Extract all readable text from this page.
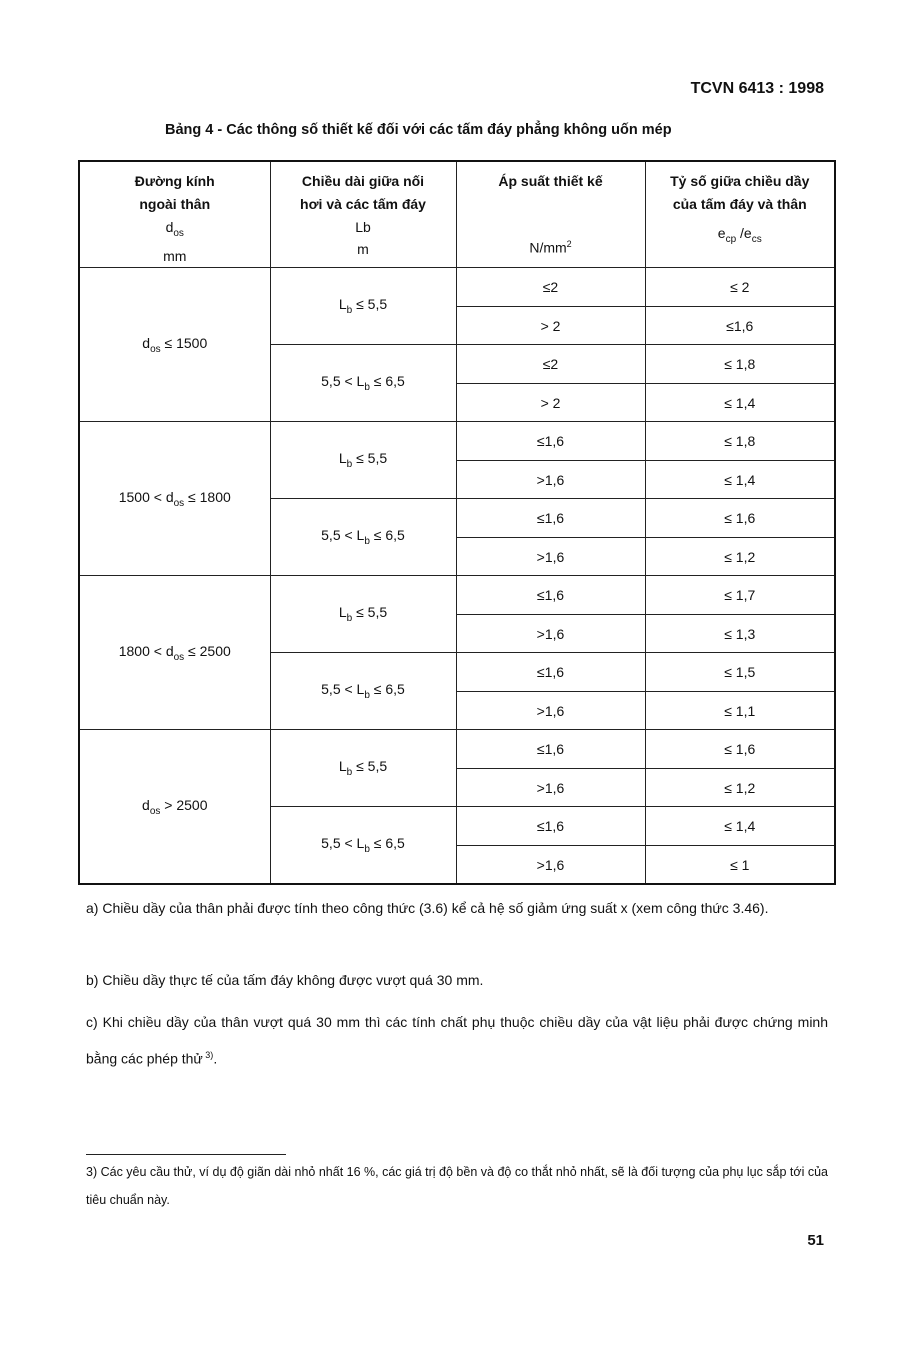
TCVN 6413 : 1998
Bảng 4 - Các thông số thiết kế đối với các tấm đáy phẳng không uốn mép
Đường kính
ngoài thân
$d_{os}$
mm	Chiều dài giữa nối
hơi và các tấm đáy
Lb
m	Áp suất thiết kế
$N/mm^2$	Tỷ số giữa chiều dầy
của tấm đáy và thân
$e_{cp}$ $/e_{cs}$

$d_{os} \le 1500$	$L_b \le 5,5$	≤2	≤ 2
		> 2	≤1,6
	$5,5 < L_b \le 6,5$	≤2	≤ 1,8
		> 2	≤ 1,4
$1500 < d_{os} \le 1800$	$L_b \le 5,5$	≤1,6	≤ 1,8
		>1,6	≤ 1,4
	$5,5 < L_b \le 6,5$	≤1,6	≤ 1,6
		>1,6	≤ 1,2
$1800 < d_{os} \le 2500$	$L_b \le 5,5$	≤1,6	≤ 1,7
		>1,6	≤ 1,3
	$5,5 < L_b \le 6,5$	≤1,6	≤ 1,5
		>1,6	≤ 1,1
$d_{os} > 2500$	$L_b \le 5,5$	≤1,6	≤ 1,6
		>1,6	≤ 1,2
	$5,5 < L_b \le 6,5$	≤1,6	≤ 1,4
		>1,6	≤ 1
a) Chiều dầy của thân phải được tính theo công thức (3.6) kể cả hệ số giảm ứng suất x (xem công thức 3.46).
b) Chiều dầy thực tế của tấm đáy không được vượt quá 30 mm.
c) Khi chiều dầy của thân vượt quá 30 mm thì các tính chất phụ thuộc chiều dầy của vật liệu phải được chứng minh bằng các phép thử $^{3)}$.
3) Các yêu cầu thử, ví dụ độ giãn dài nhỏ nhất 16 %, các giá trị độ bền và độ co thắt nhỏ nhất, sẽ là đối tượng của phụ lục sắp tới của tiêu chuẩn này.
51
